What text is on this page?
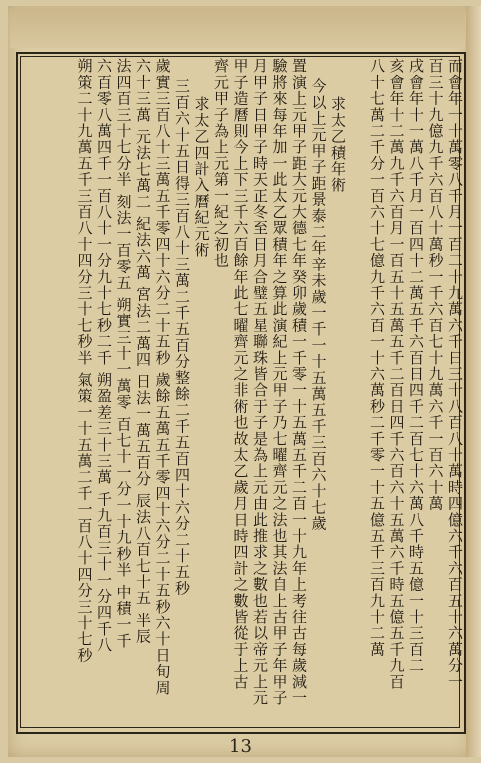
而會年一十萬零八千月一百二十九萬六千日三十八百八十萬時四億六千六百五十六萬分一
百三十九億九千六百八十萬秒一千六百七十九萬六千一百六十萬
戌會年十一萬八千月一百四十二萬五千六百日四千二百七十六萬八千時五億一十三百二
亥會年十二萬九千六百月一百五十五萬五千二百日四千六百六十五萬六千時五億五千九百
八十七萬二千分一百六十七億九千六百一十六萬秒二千零一十五億五千三百九十二萬
求太乙積年術
今以上元甲子距景泰二年辛未歲一千一十五萬五千三百六十七歲
置演上元甲子距大元大德七年癸卯歲積一千零一十五萬五千二百一十九年上考往古每歲減一
驗將來每年加一此太乙眾積年之算此演紀上元甲子乃七曜齊元之法也其法自上古甲子年甲子
月甲子日甲子時天正冬至日月合璧五星聯珠皆合于子是為上元由此推求之數也若以帝元上元
甲子造曆則今上下三千六百餘年此七曜齊元之非術也故太乙歲月日時四計之數皆從于上古
齊元甲子為上元第一紀之初也
求太乙四計入曆紀元術
三百六十五日得三百八十三萬二千五百分整餘二千五百四十六分二十五秒
歲實三百八十三萬五千零四十六分二十五秒 歲餘五萬五千零四十六分二十五秒六十日旬周
六十三萬 元法七萬二 紀法六萬 宮法二萬四 日法一萬五百分 辰法八百七十五 半辰
法四百三十七分半 刻法一百零五 朔實三十一萬零 百七十一分一十九秒半 中積一千
六百零八萬四千一百八十一分九十七秒二千 朔盈差三十三萬 千九百三十一分四千八
朔策二十九萬五千三百八十四分三十七秒半 氣策一十五萬二千一百八十四分三十七秒
13
